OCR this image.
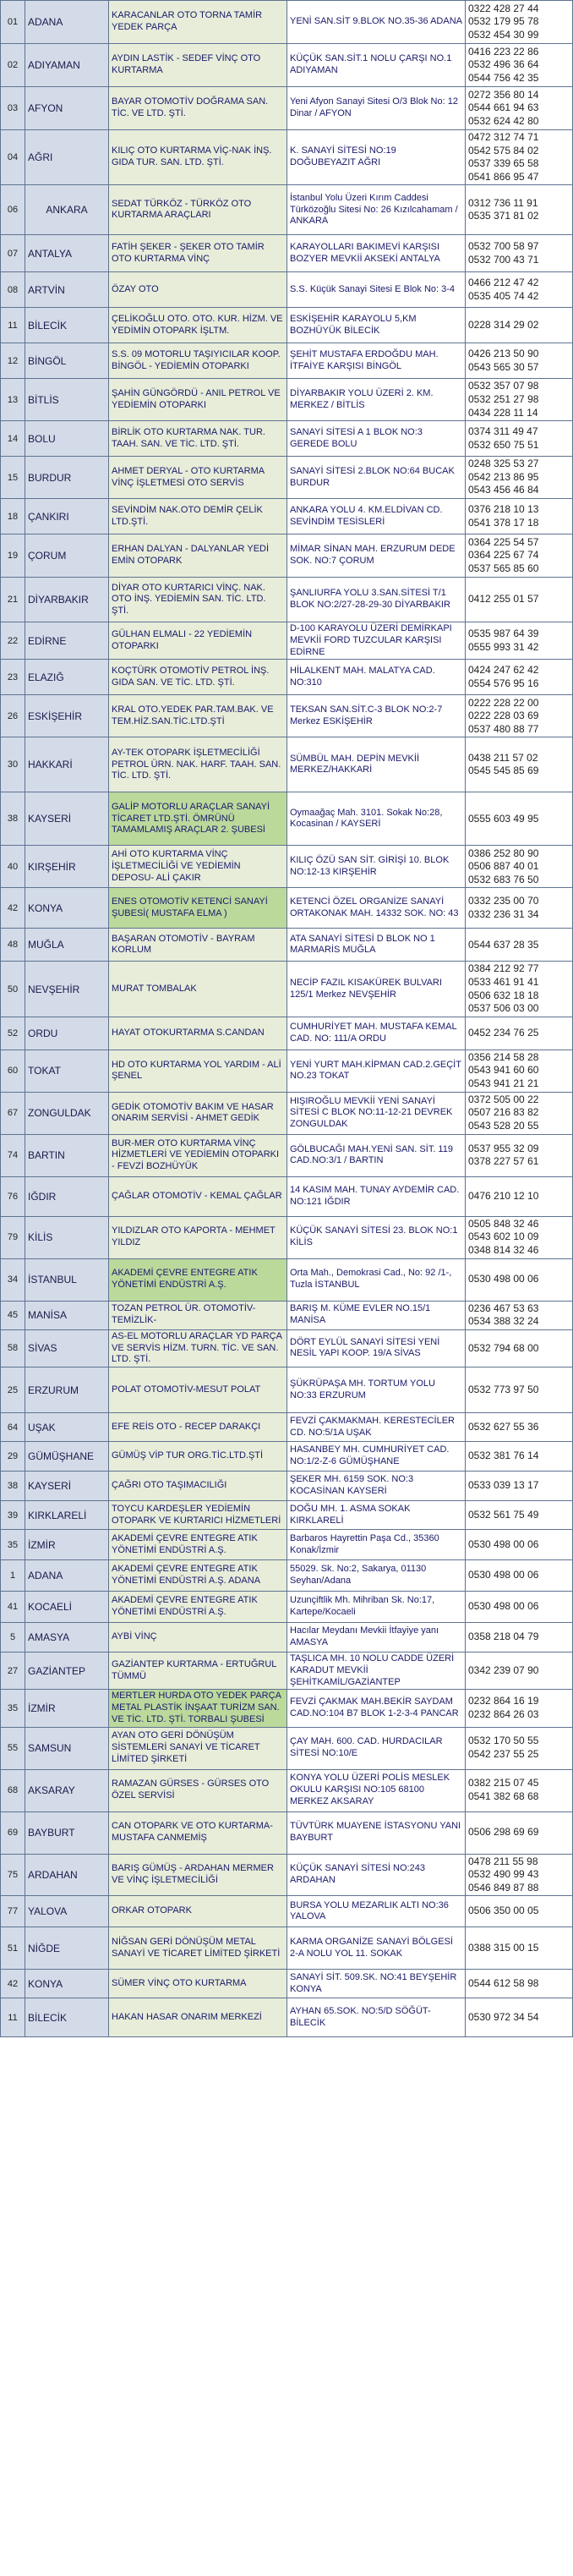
01	ADANA	KARACANLAR OTO TORNA TAMİR YEDEK PARÇA	YENİ SAN.SİT 9.BLOK NO.35-36 ADANA	0322 428 27 44
0532 179 95 78
0532 454 30 99

02	ADIYAMAN	AYDIN LASTİK - SEDEF VİNÇ OTO KURTARMA	KÜÇÜK SAN.SİT.1 NOLU ÇARŞI NO.1 ADIYAMAN	0416 223 22 86
0532 496 36 64
0544 756 42 35

03	AFYON	BAYAR OTOMOTİV DOĞRAMA SAN. TİC. VE LTD. ŞTİ.	Yeni Afyon Sanayi Sitesi O/3 Blok No: 12 Dinar / AFYON	0272 356 80 14
0544 661 94 63
0532 624 42 80

04	AĞRI	KILIÇ OTO KURTARMA VİÇ-NAK İNŞ. GIDA TUR. SAN. LTD. ŞTİ.	K. SANAYİ SİTESİ NO:19 DOĞUBEYAZIT AĞRI	0472 312 74 71
0542 575 84 02
0537 339 65 58
0541 866 95 47

06	ANKARA	SEDAT TÜRKÖZ - TÜRKÖZ OTO KURTARMA ARAÇLARI	İstanbul Yolu Üzeri Kırım Caddesi Türközoğlu Sitesi No: 26 Kızılcahamam / ANKARA	0312 736 11 91
0535 371 81 02

07	ANTALYA	FATİH ŞEKER - ŞEKER OTO TAMİR OTO KURTARMA VİNÇ	KARAYOLLARI BAKIMEVİ KARŞISI BOZYER MEVKİİ AKSEKİ ANTALYA	0532 700 58 97
0532 700 43 71

08	ARTVİN	ÖZAY OTO	S.S. Küçük Sanayi Sitesi E Blok No: 3-4	0466 212 47 42
0535 405 74 42

11	BİLECİK	ÇELİKOĞLU OTO. OTO. KUR. HİZM. VE YEDİMİN OTOPARK İŞLTM.	ESKİŞEHİR KARAYOLU 5,KM BOZHÜYÜK BİLECİK	0228 314 29 02

12	BİNGÖL	S.S. 09 MOTORLU TAŞIYICILAR KOOP. BİNGÖL - YEDİEMİN OTOPARKI	ŞEHİT MUSTAFA ERDOĞDU MAH. İTFAİYE KARŞISI BİNGÖL	0426 213 50 90
0543 565 30 57

13	BİTLİS	ŞAHİN GÜNGÖRDÜ - ANIL PETROL VE YEDİEMİN OTOPARKI	DİYARBAKIR YOLU ÜZERİ 2. KM. MERKEZ / BİTLİS	0532 357 07 98
0532 251 27 98
0434 228 11 14

14	BOLU	BİRLİK OTO KURTARMA NAK. TUR. TAAH. SAN. VE TİC. LTD. ŞTİ.	SANAYİ SİTESİ A 1 BLOK NO:3 GEREDE BOLU	0374 311 49 47
0532 650 75 51

15	BURDUR	AHMET DERYAL - OTO KURTARMA VİNÇ İŞLETMESİ OTO SERVİS	SANAYİ SİTESİ 2.BLOK NO:64 BUCAK BURDUR	0248 325 53 27
0542 213 86 95
0543 456 46 84

18	ÇANKIRI	SEVİNDİM NAK.OTO DEMİR ÇELİK LTD.ŞTİ.	ANKARA YOLU 4. KM.ELDİVAN CD. SEVİNDİM TESİSLERİ	0376 218 10 13
0541 378 17 18

19	ÇORUM	ERHAN DALYAN - DALYANLAR YEDİ EMİN OTOPARK	MİMAR SİNAN MAH. ERZURUM DEDE SOK. NO:7 ÇORUM	0364 225 54 57
0364 225 67 74
0537 565 85 60

21	DİYARBAKIR	DİYAR OTO KURTARICI VİNÇ. NAK. OTO İNŞ. YEDİEMİN SAN. TİC. LTD. ŞTİ.	ŞANLIURFA YOLU 3.SAN.SİTESİ T/1 BLOK NO:2/27-28-29-30 DİYARBAKIR	0412 255 01 57

22	EDİRNE	GÜLHAN ELMALI - 22 YEDİEMİN OTOPARKI	D-100 KARAYOLU ÜZERİ DEMİRKAPI MEVKİİ FORD TUZCULAR KARŞISI EDİRNE	0535 987 64 39
0555 993 31 42

23	ELAZIĞ	KOÇTÜRK OTOMOTİV PETROL İNŞ. GIDA SAN. VE TİC. LTD. ŞTİ.	HİLALKENT MAH. MALATYA CAD. NO:310	0424 247 62 42
0554 576 95 16

26	ESKİŞEHİR	KRAL OTO.YEDEK PAR.TAM.BAK. VE TEM.HİZ.SAN.TİC.LTD.ŞTİ	TEKSAN SAN.SİT.C-3 BLOK NO:2-7 Merkez ESKİŞEHİR	0222 228 22 00
0222 228 03 69
0537 480 88 77

30	HAKKARİ	AY-TEK OTOPARK İŞLETMECİLİĞİ PETROL ÜRN. NAK. HARF. TAAH. SAN. TİC. LTD. ŞTİ.	SÜMBÜL MAH. DEPİN MEVKİİ MERKEZ/HAKKARİ	0438 211 57 02
0545 545 85 69

38	KAYSERİ	GALİP MOTORLU ARAÇLAR SANAYİ TİCARET LTD.ŞTİ. ÖMRÜNÜ TAMAMLAMIŞ ARAÇLAR 2. ŞUBESİ	Oymaağaç Mah. 3101. Sokak No:28, Kocasinan / KAYSERİ	0555 603 49 95

40	KIRŞEHİR	AHİ OTO KURTARMA VİNÇ İŞLETMECİLİĞİ VE YEDİEMİN DEPOSU- ALİ ÇAKIR	KILIÇ ÖZÜ SAN SİT. GİRİŞİ 10. BLOK NO:12-13 KIRŞEHİR	0386 252 80 90
0506 887 40 01
0532 683 76 50

42	KONYA	ENES OTOMOTİV KETENCİ SANAYİ ŞUBESİ( MUSTAFA ELMA )	KETENCİ ÖZEL ORGANİZE SANAYİ ORTAKONAK MAH. 14332 SOK. NO: 43	0332 235 00 70
0332 236 31 34

48	MUĞLA	BAŞARAN OTOMOTİV - BAYRAM KORLUM	ATA SANAYİ SİTESİ D BLOK NO 1 MARMARİS MUĞLA	0544 637 28 35

50	NEVŞEHİR	MURAT TOMBALAK	NECİP FAZIL KISAKÜREK BULVARI 125/1 Merkez NEVŞEHİR	0384 212 92 77
0533 461 91 41
0506 632 18 18
0537 506 03 00

52	ORDU	HAYAT OTOKURTARMA S.CANDAN	CUMHURİYET MAH. MUSTAFA KEMAL CAD. NO: 111/A ORDU	0452 234 76 25

60	TOKAT	HD OTO KURTARMA YOL YARDIM - ALİ ŞENEL	YENİ YURT MAH.KİPMAN CAD.2.GEÇİT NO.23 TOKAT	0356 214 58 28
0543 941 60 60
0543 941 21 21

67	ZONGULDAK	GEDİK OTOMOTİV BAKIM VE HASAR ONARIM SERVİSİ - AHMET GEDİK	HIŞIROĞLU MEVKİİ YENİ SANAYİ SİTESİ C BLOK NO:11-12-21 DEVREK ZONGULDAK	0372 505 00 22
0507 216 83 82
0543 528 20 55

74	BARTIN	BUR-MER OTO KURTARMA VİNÇ HİZMETLERİ VE YEDİEMİN OTOPARKI - FEVZİ BOZHÜYÜK	GÖLBUCAĞI MAH.YENİ SAN. SİT. 119 CAD.NO:3/1 / BARTIN	0537 955 32 09
0378 227 57 61

76	IĞDIR	ÇAĞLAR OTOMOTİV - KEMAL ÇAĞLAR	14 KASIM MAH. TUNAY AYDEMİR CAD. NO:121 IĞDIR	0476 210 12 10

79	KİLİS	YILDIZLAR OTO KAPORTA - MEHMET YILDIZ	KÜÇÜK SANAYİ SİTESİ 23. BLOK NO:1 KİLİS	0505 848 32 46
0543 602 10 09
0348 814 32 46

34	İSTANBUL	AKADEMİ ÇEVRE ENTEGRE ATIK YÖNETİMİ ENDÜSTRİ A.Ş.	Orta Mah., Demokrasi Cad., No: 92 /1-, Tuzla İSTANBUL	0530 498 00 06

45	MANİSA	TOZAN PETROL ÜR. OTOMOTİV-TEMİZLİK-	BARIŞ M. KÜME EVLER NO.15/1 MANİSA	0236 467 53 63
0534 388 32 24

58	SİVAS	AS-EL MOTORLU ARAÇLAR YD PARÇA VE SERVİS HİZM. TURN. TİC. VE SAN. LTD. ŞTİ.	DÖRT EYLÜL SANAYİ SİTESİ YENİ NESİL YAPI KOOP. 19/A SİVAS	0532 794 68 00

25	ERZURUM	POLAT OTOMOTİV-MESUT POLAT	ŞÜKRÜPAŞA MH. TORTUM YOLU NO:33 ERZURUM	0532 773 97 50

64	UŞAK	EFE REİS OTO - RECEP DARAKÇI	FEVZİ ÇAKMAKMAH. KERESTECİLER CD. NO:5/1A UŞAK	0532 627 55 36

29	GÜMÜŞHANE	GÜMÜŞ VİP TUR ORG.TİC.LTD.ŞTİ	HASANBEY MH. CUMHURİYET CAD. NO:1/2-Z-6 GÜMÜŞHANE	0532 381 76 14

38	KAYSERİ	ÇAĞRI OTO TAŞIMACILIĞI	ŞEKER MH. 6159 SOK. NO:3 KOCASİNAN KAYSERİ	0533 039 13 17

39	KIRKLARELİ	TOYCU KARDEŞLER YEDİEMİN OTOPARK VE KURTARICI HİZMETLERİ	DOĞU MH. 1. ASMA SOKAK KIRKLARELİ	0532 561 75 49

35	İZMİR	AKADEMİ ÇEVRE ENTEGRE ATIK YÖNETİMİ ENDÜSTRİ A.Ş.	Barbaros Hayrettin Paşa Cd., 35360 Konak/İzmir	0530 498 00 06

1	ADANA	AKADEMİ ÇEVRE ENTEGRE ATIK YÖNETİMİ ENDÜSTRİ A.Ş. ADANA	55029. Sk. No:2, Sakarya, 01130 Seyhan/Adana	0530 498 00 06

41	KOCAELİ	AKADEMİ ÇEVRE ENTEGRE ATIK YÖNETİMİ ENDÜSTRİ A.Ş.	Uzunçiftlik Mh. Mihriban Sk. No:17, Kartepe/Kocaeli	0530 498 00 06

5	AMASYA	AYBİ VİNÇ	Hacılar Meydanı Mevkii İtfayiye yanı AMASYA	0358 218 04 79

27	GAZİANTEP	GAZİANTEP KURTARMA - ERTUĞRUL TÜMMÜ	TAŞLICA MH. 10 NOLU CADDE ÜZERİ KARADUT MEVKİİ ŞEHİTKAMİL/GAZİANTEP	0342 239 07 90

35	İZMİR	MERTLER HURDA OTO YEDEK PARÇA METAL PLASTİK İNŞAAT TURİZM SAN. VE TİC. LTD. ŞTİ. TORBALI ŞUBESİ	FEVZİ ÇAKMAK MAH.BEKİR SAYDAM CAD.NO:104 B7 BLOK 1-2-3-4 PANCAR	0232 864 16 19
0232 864 26 03

55	SAMSUN	AYAN OTO GERİ DÖNÜŞÜM SİSTEMLERİ SANAYİ VE TİCARET LİMİTED ŞİRKETİ	ÇAY MAH. 600. CAD. HURDACILAR SİTESİ NO:10/E	0532 170 50 55
0542 237 55 25

68	AKSARAY	RAMAZAN GÜRSES - GÜRSES OTO ÖZEL SERVİSİ	KONYA YOLU ÜZERİ POLİS MESLEK OKULU KARŞISI NO:105 68100 MERKEZ AKSARAY	0382 215 07 45
0541 382 68 68

69	BAYBURT	CAN OTOPARK VE OTO KURTARMA-MUSTAFA CANMEMİŞ	TÜVTÜRK MUAYENE İSTASYONU YANI BAYBURT	0506 298 69 69

75	ARDAHAN	BARIŞ GÜMÜŞ - ARDAHAN MERMER VE VİNÇ İŞLETMECİLİĞİ	KÜÇÜK SANAYİ SİTESİ NO:243 ARDAHAN	0478 211 55 98
0532 490 99 43
0546 849 87 88

77	YALOVA	ORKAR OTOPARK	BURSA YOLU MEZARLIK ALTI NO:36 YALOVA	0506 350 00 05

51	NİĞDE	NİĞSAN GERİ DÖNÜŞÜM METAL SANAYİ VE TİCARET LİMİTED ŞİRKETİ	KARMA ORGANİZE SANAYİ BÖLGESİ 2-A NOLU YOL 11. SOKAK	0388 315 00 15

42	KONYA	SÜMER VİNÇ OTO KURTARMA	SANAYİ SİT. 509.SK. NO:41 BEYŞEHİR KONYA	0544 612 58 98

11	BİLECİK	HAKAN HASAR ONARIM MERKEZİ	AYHAN 65.SOK. NO:5/D SÖĞÜT-BİLECİK	0530 972 34 54
